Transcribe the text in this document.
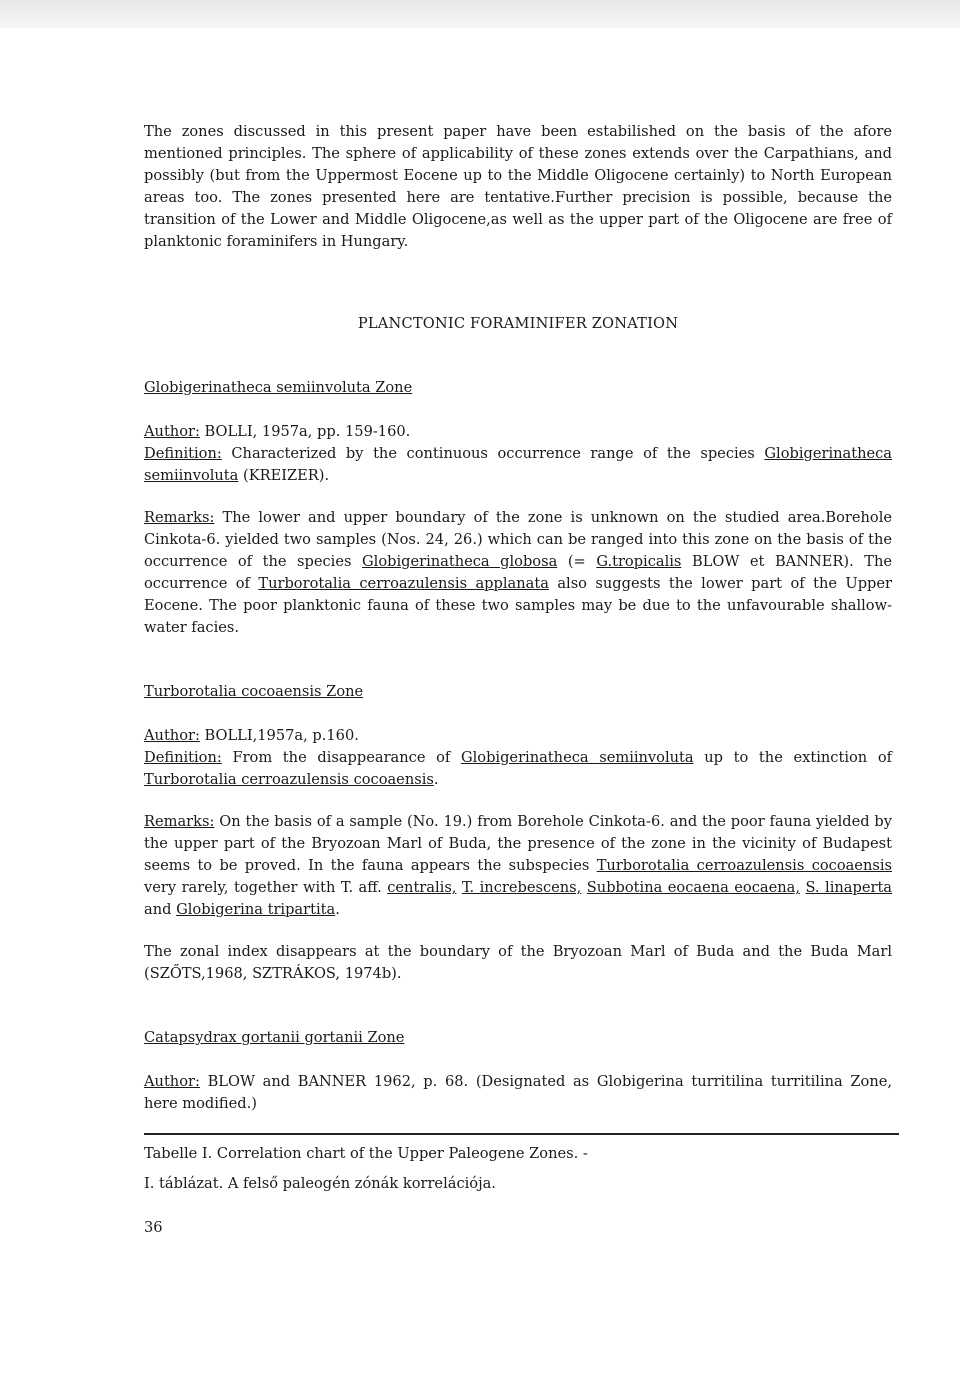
The zones discussed in this present paper have been estabilished on the basis of the afore mentioned principles. The sphere of applicability of these zones extends over the Carpathians, and possibly (but from the Uppermost Eocene up to the Middle Oligocene certainly) to North European areas too. The zones presented here are tentative.Further precision is possible, because the transition of the Lower and Middle Oligocene,as well as the upper part of the Oligocene are free of planktonic foraminifers in Hungary.

PLANCTONIC FORAMINIFER ZONATION

Globigerinatheca semiinvoluta Zone

Author: BOLLI, 1957a, pp. 159-160.

Definition: Characterized by the continuous occurrence range of the species Globigerinatheca semiinvoluta (KREIZER).

Remarks: The lower and upper boundary of the zone is unknown on the studied area.Borehole Cinkota-6. yielded two samples (Nos. 24, 26.) which can be ranged into this zone on the basis of the occurrence of the species Globigerinatheca globosa (= G.tropicalis BLOW et BANNER). The occurrence of Turborotalia cerroazulensis applanata also suggests the lower part of the Upper Eocene. The poor planktonic fauna of these two samples may be due to the unfavourable shallow-water facies.

Turborotalia cocoaensis Zone

Author: BOLLI,1957a, p.160.

Definition: From the disappearance of Globigerinatheca semiinvoluta up to the extinction of Turborotalia cerroazulensis cocoaensis.

Remarks: On the basis of a sample (No. 19.) from Borehole Cinkota-6. and the poor fauna yielded by the upper part of the Bryozoan Marl of Buda, the presence of the zone in the vicinity of Budapest seems to be proved. In the fauna appears the subspecies Turborotalia cerroazulensis cocoaensis very rarely, together with T. aff. centralis, T. increbescens, Subbotina eocaena eocaena, S. linaperta and Globigerina tripartita.

The zonal index disappears at the boundary of the Bryozoan Marl of Buda and the Buda Marl (SZŐTS,1968, SZTRÁKOS, 1974b).

Catapsydrax gortanii gortanii Zone

Author: BLOW and BANNER 1962, p. 68. (Designated as Globigerina turritilina turritilina Zone, here modified.)

Tabelle I. Correlation chart of the Upper Paleogene Zones. -

I. táblázat. A felső paleogén zónák korrelációja.

36
